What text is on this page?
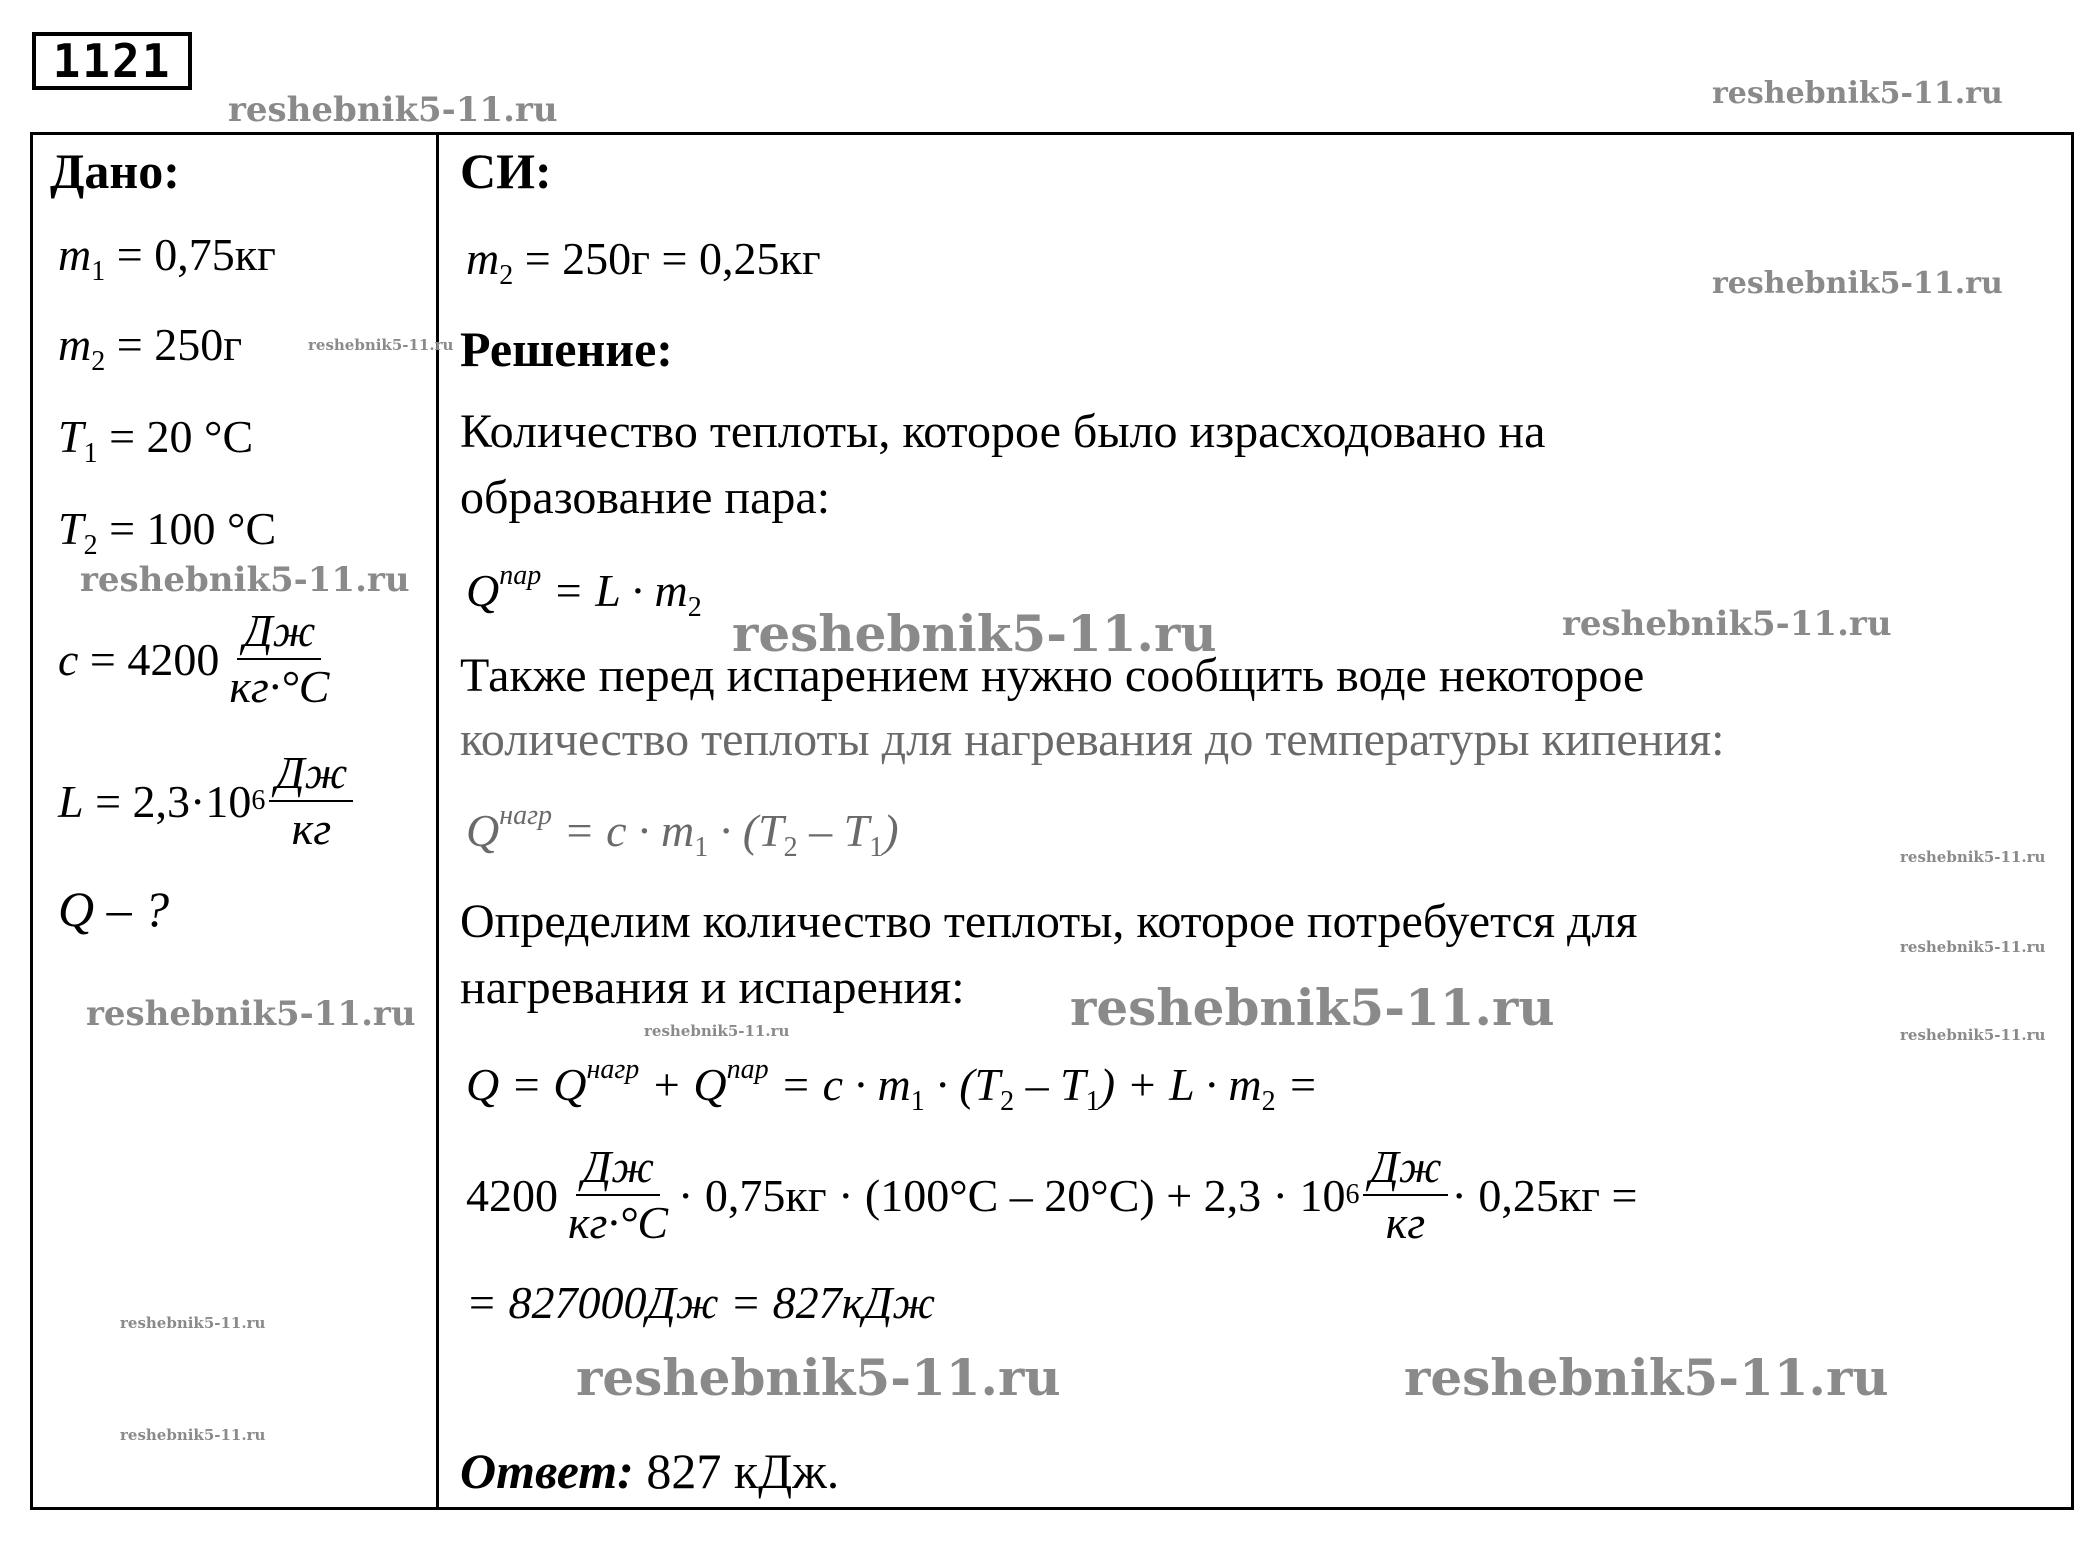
1121
reshebnik5-11.ru	reshebnik5-11.ru
reshebnik5-11.ru
reshebnik5-11.ru
reshebnik5-11.ru
reshebnik5-11.ru	reshebnik5-11.ru
reshebnik5-11.ru
reshebnik5-11.ru
reshebnik5-11.ru	reshebnik5-11.ru
reshebnik5-11.ru	reshebnik5-11.ru
reshebnik5-11.ru
reshebnik5-11.ru
reshebnik5-11.ru	reshebnik5-11.ru
Дано:
$m_1 = 0,75кг$
$m_2 = 250г$
$T_1 = 20$ °C
$T_2 = 100$ °C
c =
$4200 \frac{Дж}{кг\cdot^\circ C}$
L =
2,3·10 $6 \frac{Дж}{кг}$
Q – ?
СИ:
$m_2 = 250г = 0,25кг$
Решение:
Количество теплоты, которое было израсходовано на
образование пара:
$Q^{пар} = L \cdot m_2$
Также перед испарением нужно сообщить воде некоторое
количество теплоты для нагревания до температуры кипения:
$Q^{нагр} = c \cdot m_1 \cdot (T_2 - T_1)$
Определим количество теплоты, которое потребуется для
нагревания и испарения:
$Q = Q^{нагр} + Q^{пар} = c \cdot m_1 \cdot (T_2 - T_1) + L \cdot m_2$ =
$4200 \frac{Дж}{кг\cdot^\circ C} \cdot 0,75кг \cdot (100^\circ C - 20^\circ C) + 2,3 \cdot 10$ $6 \frac{Дж}{кг} \cdot 0,25кг$ =
= 827000Дж = 827кДж
Ответ: 827 кДж.
